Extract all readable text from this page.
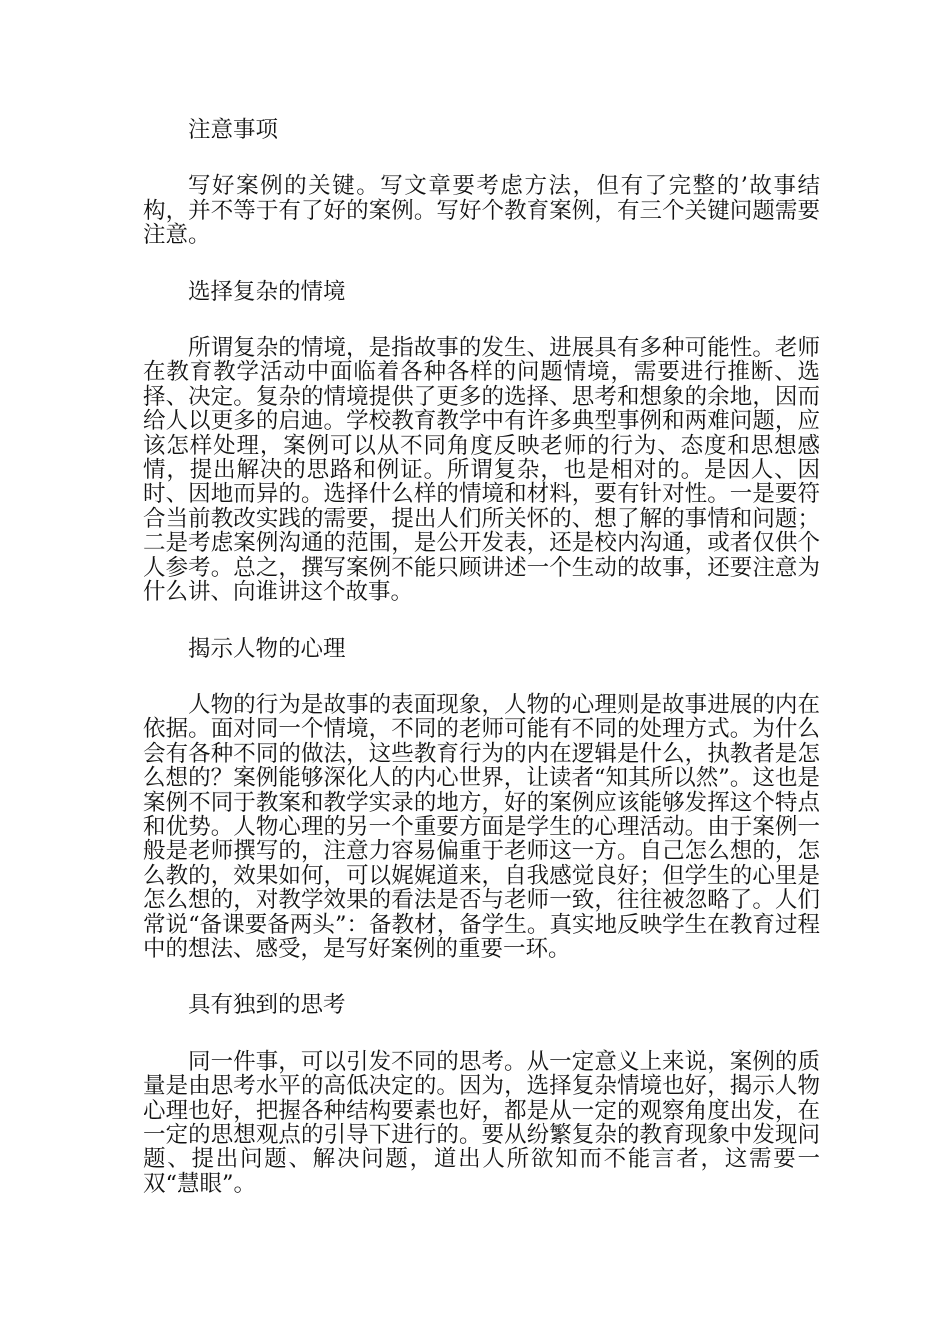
注意事项

写好案例的关键。写文章要考虑方法，但有了完整的’故事结构，并不等于有了好的案例。写好个教育案例，有三个关键问题需要注意。

选择复杂的情境

所谓复杂的情境，是指故事的发生、进展具有多种可能性。老师在教育教学活动中面临着各种各样的问题情境，需要进行推断、选择、决定。复杂的情境提供了更多的选择、思考和想象的余地，因而给人以更多的启迪。学校教育教学中有许多典型事例和两难问题，应该怎样处理，案例可以从不同角度反映老师的行为、态度和思想感情，提出解决的思路和例证。所谓复杂，也是相对的。是因人、因时、因地而异的。选择什么样的情境和材料，要有针对性。一是要符合当前教改实践的需要，提出人们所关怀的、想了解的事情和问题；二是考虑案例沟通的范围，是公开发表，还是校内沟通，或者仅供个人参考。总之，撰写案例不能只顾讲述一个生动的故事，还要注意为什么讲、向谁讲这个故事。

揭示人物的心理

人物的行为是故事的表面现象，人物的心理则是故事进展的内在依据。面对同一个情境，不同的老师可能有不同的处理方式。为什么会有各种不同的做法，这些教育行为的内在逻辑是什么，执教者是怎么想的？案例能够深化人的内心世界，让读者“知其所以然”。这也是案例不同于教案和教学实录的地方，好的案例应该能够发挥这个特点和优势。人物心理的另一个重要方面是学生的心理活动。由于案例一般是老师撰写的，注意力容易偏重于老师这一方。自己怎么想的，怎么教的，效果如何，可以娓娓道来，自我感觉良好；但学生的心里是怎么想的，对教学效果的看法是否与老师一致，往往被忽略了。人们常说“备课要备两头”：备教材，备学生。真实地反映学生在教育过程中的想法、感受，是写好案例的重要一环。

具有独到的思考

同一件事，可以引发不同的思考。从一定意义上来说，案例的质量是由思考水平的高低决定的。因为，选择复杂情境也好，揭示人物心理也好，把握各种结构要素也好，都是从一定的观察角度出发，在一定的思想观点的引导下进行的。要从纷繁复杂的教育现象中发现问题、提出问题、解决问题，道出人所欲知而不能言者，这需要一双“慧眼”。
